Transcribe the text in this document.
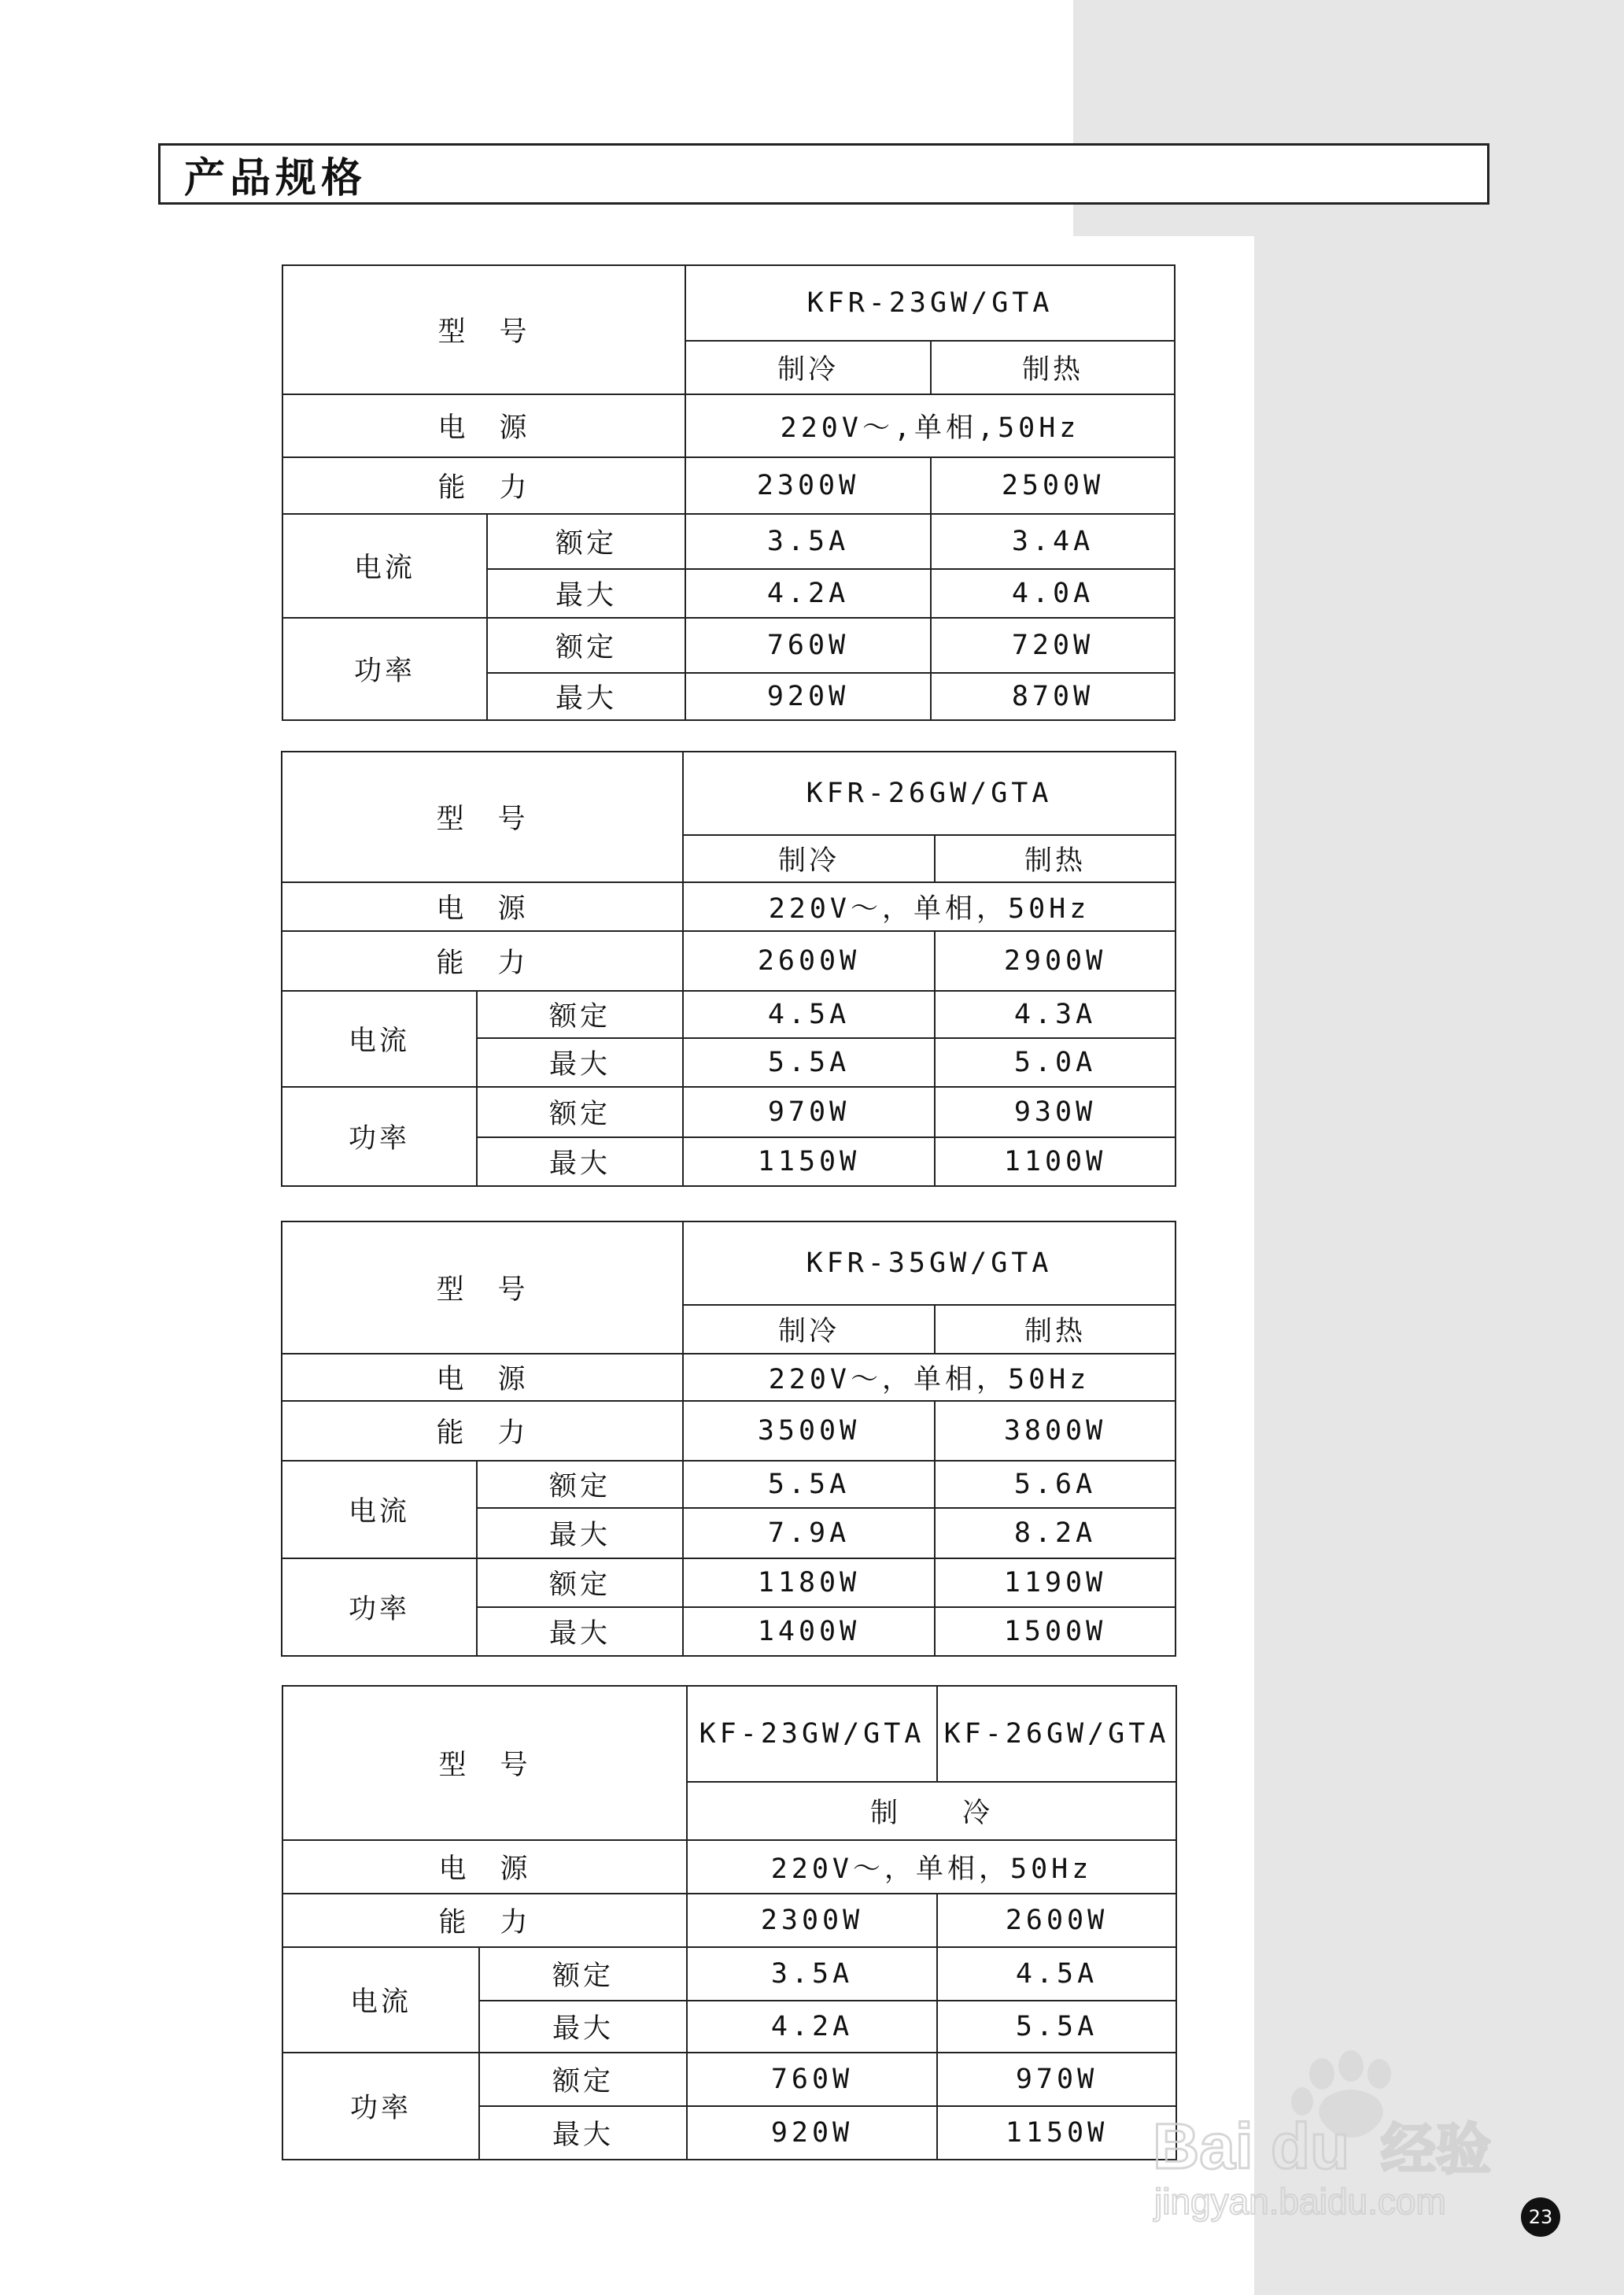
产品规格
型　号		KFR-23GW/GTA	
		制冷	制热
电　源		220V～,单相,50Hz	
能　力		2300W	2500W
电流	额定	3.5A	3.4A
	最大	4.2A	4.0A
功率	额定	760W	720W
	最大	920W	870W
型　号		KFR-26GW/GTA	
		制冷	制热
电　源		220V～，单相，50Hz	
能　力		2600W	2900W
电流	额定	4.5A	4.3A
	最大	5.5A	5.0A
功率	额定	970W	930W
	最大	1150W	1100W
型　号		KFR-35GW/GTA	
		制冷	制热
电　源		220V～，单相，50Hz	
能　力		3500W	3800W
电流	额定	5.5A	5.6A
	最大	7.9A	8.2A
功率	额定	1180W	1190W
	最大	1400W	1500W
型　号		KF-23GW/GTA	KF-26GW/GTA
		制　　冷	
电　源		220V～，单相，50Hz	
能　力		2300W	2600W
电流	额定	3.5A	4.5A
	最大	4.2A	5.5A
功率	额定	760W	970W
	最大	920W	1150W Bai du 经验
jingyan.baidu.com	23
